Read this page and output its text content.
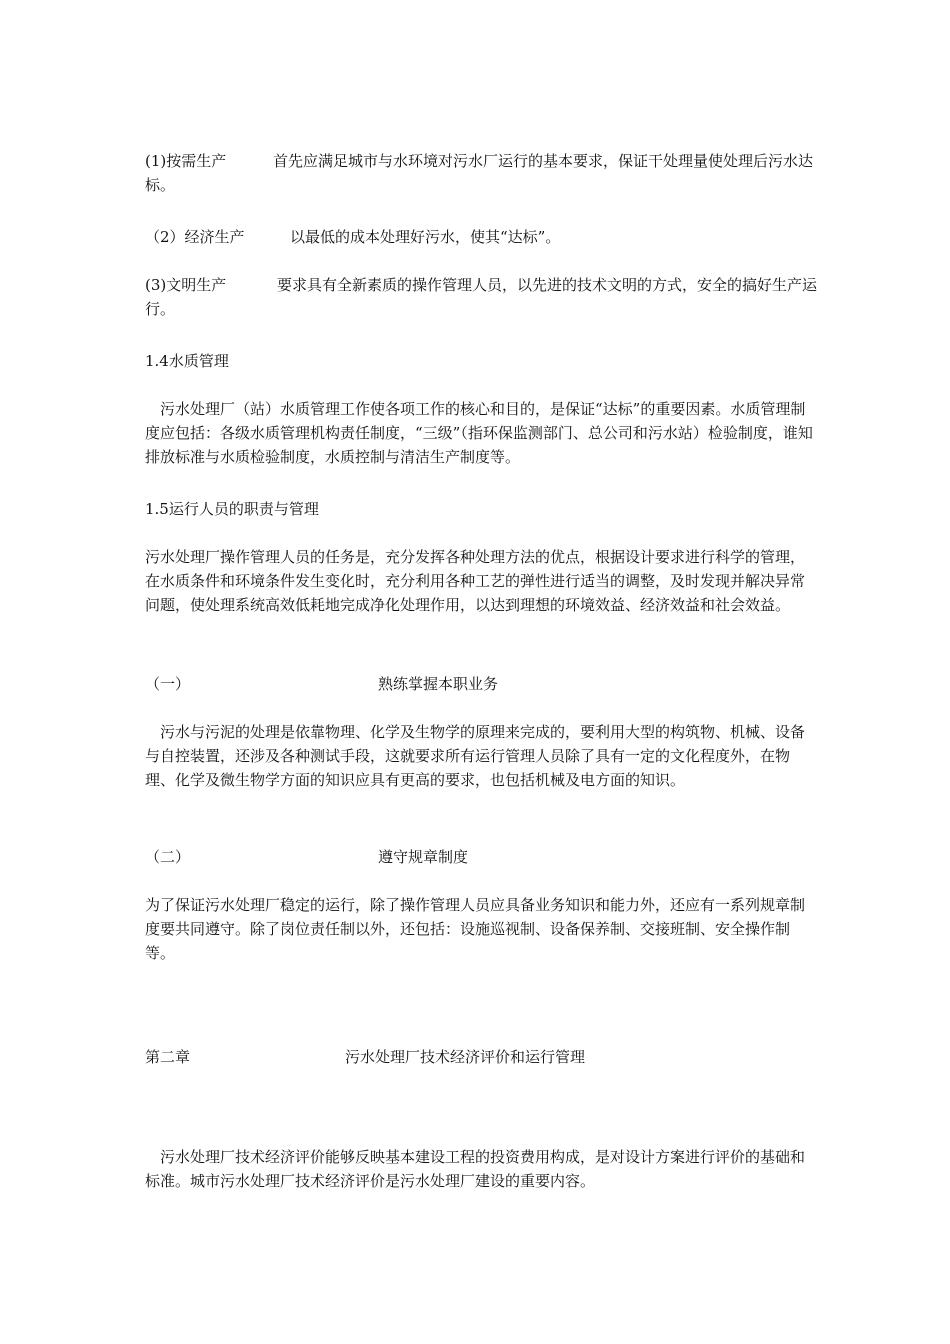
(1)按需生产	首先应满足城市与水环境对污水厂运行的基本要求，保证干处理量使处理后污水达标。

（2）经济生产	以最低的成本处理好污水，使其“达标”。

(3)文明生产	要求具有全新素质的操作管理人员，以先进的技术文明的方式，安全的搞好生产运行。

1.4水质管理

污水处理厂（站）水质管理工作使各项工作的核心和目的，是保证“达标”的重要因素。水质管理制度应包括：各级水质管理机构责任制度，“三级”（指环保监测部门、总公司和污水站）检验制度，谁知排放标准与水质检验制度，水质控制与清洁生产制度等。

1.5运行人员的职责与管理

污水处理厂操作管理人员的任务是，充分发挥各种处理方法的优点，根据设计要求进行科学的管理，在水质条件和环境条件发生变化时，充分利用各种工艺的弹性进行适当的调整，及时发现并解决异常问题，使处理系统高效低耗地完成净化处理作用，以达到理想的环境效益、经济效益和社会效益。

（一）	熟练掌握本职业务

污水与污泥的处理是依靠物理、化学及生物学的原理来完成的，要利用大型的构筑物、机械、设备与自控装置，还涉及各种测试手段，这就要求所有运行管理人员除了具有一定的文化程度外，在物理、化学及微生物学方面的知识应具有更高的要求，也包括机械及电方面的知识。

（二）	遵守规章制度

为了保证污水处理厂稳定的运行，除了操作管理人员应具备业务知识和能力外，还应有一系列规章制度要共同遵守。除了岗位责任制以外，还包括：设施巡视制、设备保养制、交接班制、安全操作制等。

第二章	污水处理厂技术经济评价和运行管理

污水处理厂技术经济评价能够反映基本建设工程的投资费用构成，是对设计方案进行评价的基础和标准。城市污水处理厂技术经济评价是污水处理厂建设的重要内容。
